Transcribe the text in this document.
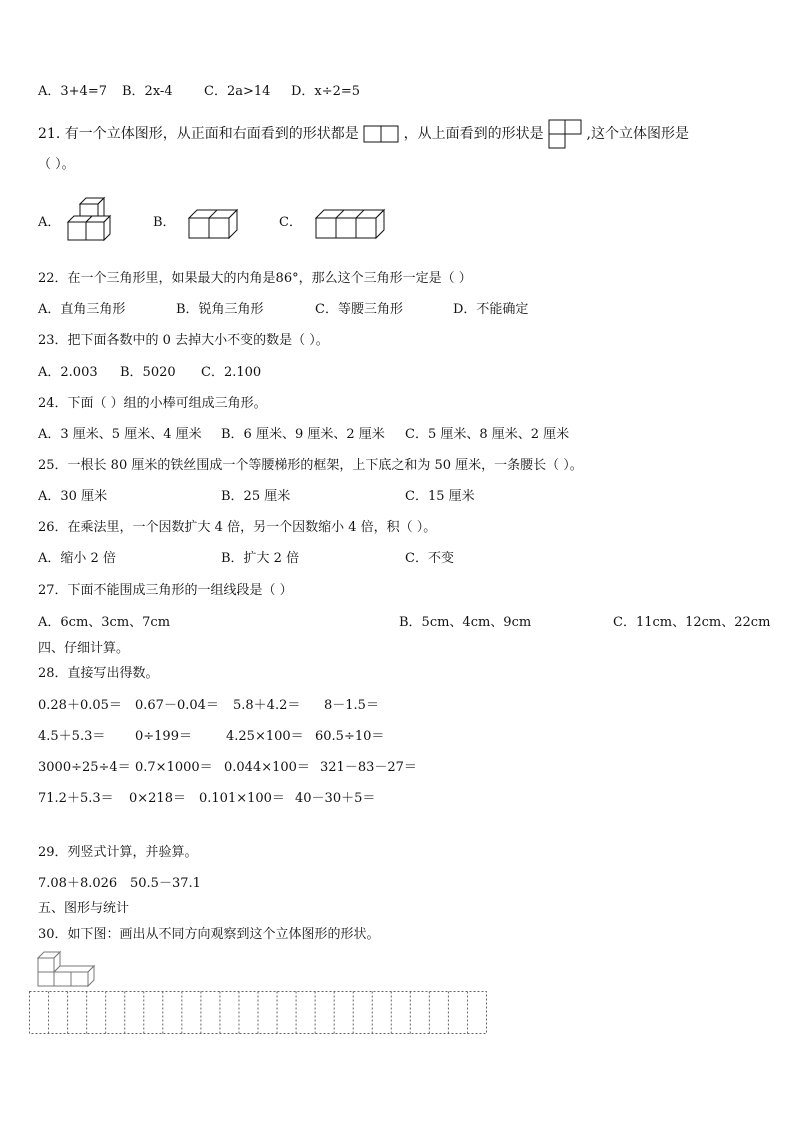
A．3+4=7 B．2x-4 C．2a>14 D．x÷2=5
21. 有一个立体图形，从正面和右面看到的形状都是	，从上面看到的形状是	,这个立体图形是
（ ）。
A．	B．	C．
22．在一个三角形里，如果最大的内角是86°，那么这个三角形一定是（ ）
A．直角三角形	B．锐角三角形	C．等腰三角形	D．不能确定
23．把下面各数中的 0 去掉大小不变的数是（ ）。
A．2.003 B．5020 C．2.100
24．下面（ ）组的小棒可组成三角形。
A．3 厘米、5 厘米、4 厘米 B．6 厘米、9 厘米、2 厘米 C．5 厘米、8 厘米、2 厘米
25．一根长 80 厘米的铁丝围成一个等腰梯形的框架，上下底之和为 50 厘米，一条腰长（ ）。
A．30 厘米	B．25 厘米	C．15 厘米
26．在乘法里，一个因数扩大 4 倍，另一个因数缩小 4 倍，积（ ）。
A．缩小 2 倍	B．扩大 2 倍	C．不变
27．下面不能围成三角形的一组线段是（ ）
A．6cm、3cm、7cm	B．5cm、4cm、9cm	C．11cm、12cm、22cm
四、仔细计算。
28．直接写出得数。
0.28＋0.05＝ 0.67－0.04＝ 5.8＋4.2＝ 8－1.5＝
4.5＋5.3＝ 0÷199＝	4.25×100＝ 60.5÷10＝
3000÷25÷4＝ 0.7×1000＝ 0.044×100＝ 321－83－27＝
71.2＋5.3＝ 0×218＝ 0.101×100＝ 40－30＋5＝
29．列竖式计算，并验算。
7.08＋8.026 50.5－37.1
五、图形与统计
30．如下图：画出从不同方向观察到这个立体图形的形状。
